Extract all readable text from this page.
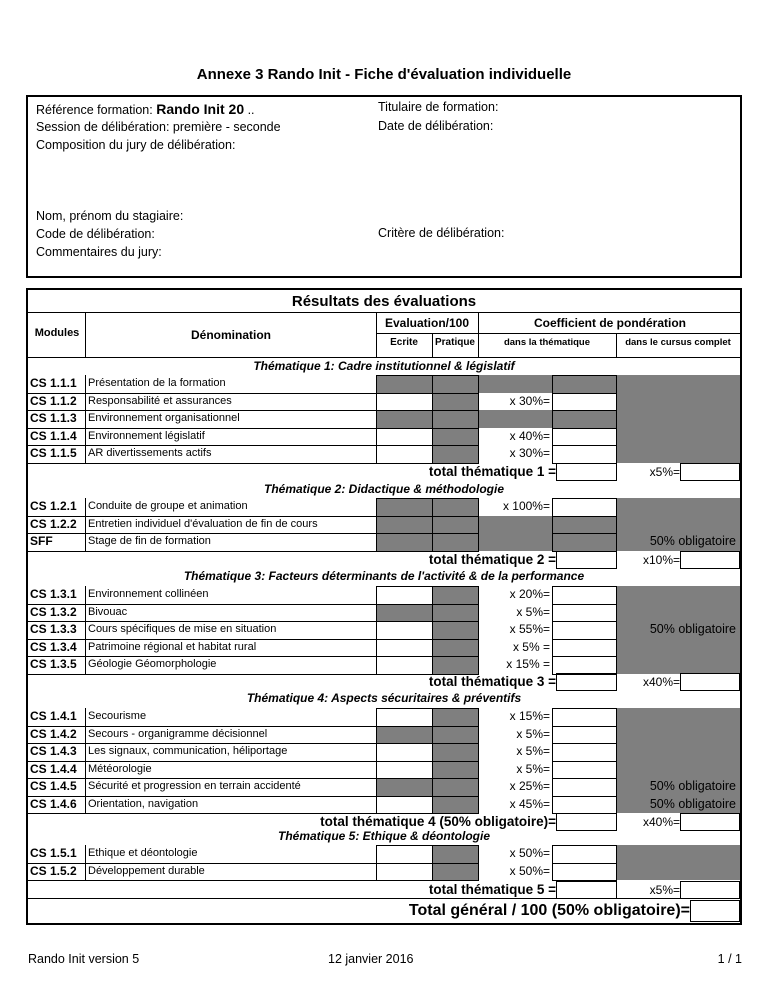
Annexe 3 Rando Init - Fiche d'évaluation individuelle
Référence formation: Rando Init 20 ..
Session de délibération: première - seconde
Composition du jury de délibération:
Titulaire de formation:
Date de délibération:
Nom, prénom du stagiaire:
Code de délibération:	Critère de délibération:
Commentaires du jury:
Résultats des évaluations
Modules	Dénomination
Evaluation/100
Ecrite	Pratique
Coefficient de pondération
dans la thématique	dans le cursus complet
Thématique 1: Cadre institutionnel & législatif
CS 1.1.1	Présentation de la formation
CS 1.1.2	Responsabilité et assurances	x 30%=
CS 1.1.3	Environnement organisationnel
CS 1.1.4	Environnement législatif	x 40%=
CS 1.1.5	AR divertissements actifs	x 30%=
total thématique 1 =	x5%=
Thématique 2: Didactique & méthodologie
CS 1.2.1	Conduite de groupe et animation	x 100%=
CS 1.2.2	Entretien individuel d'évaluation de fin de cours
SFF	Stage de fin de formation	50% obligatoire
total thématique 2 =	x10%=
Thématique 3: Facteurs déterminants de l'activité & de la performance
CS 1.3.1	Environnement collinéen	x 20%=
CS 1.3.2	Bivouac	x 5%=
CS 1.3.3	Cours spécifiques de mise en situation	x 55%=	50% obligatoire
CS 1.3.4	Patrimoine régional et habitat rural	x 5% =
CS 1.3.5	Géologie Géomorphologie	x 15% =
total thématique 3 =	x40%=
Thématique 4: Aspects sécuritaires & préventifs
CS 1.4.1	Secourisme	x 15%=
CS 1.4.2	Secours - organigramme décisionnel	x 5%=
CS 1.4.3	Les signaux, communication, héliportage	x 5%=
CS 1.4.4	Météorologie	x 5%=
CS 1.4.5	Sécurité et progression en terrain accidenté	x 25%=	50% obligatoire
CS 1.4.6	Orientation, navigation	x 45%=	50% obligatoire
total thématique 4 (50% obligatoire)=	x40%=
Thématique 5: Ethique & déontologie
CS 1.5.1	Ethique et déontologie	x 50%=
CS 1.5.2	Développement durable	x 50%=
total thématique 5 =	x5%=
Total général / 100 (50% obligatoire)=
Rando Init version 5	12 janvier 2016	1 / 1
